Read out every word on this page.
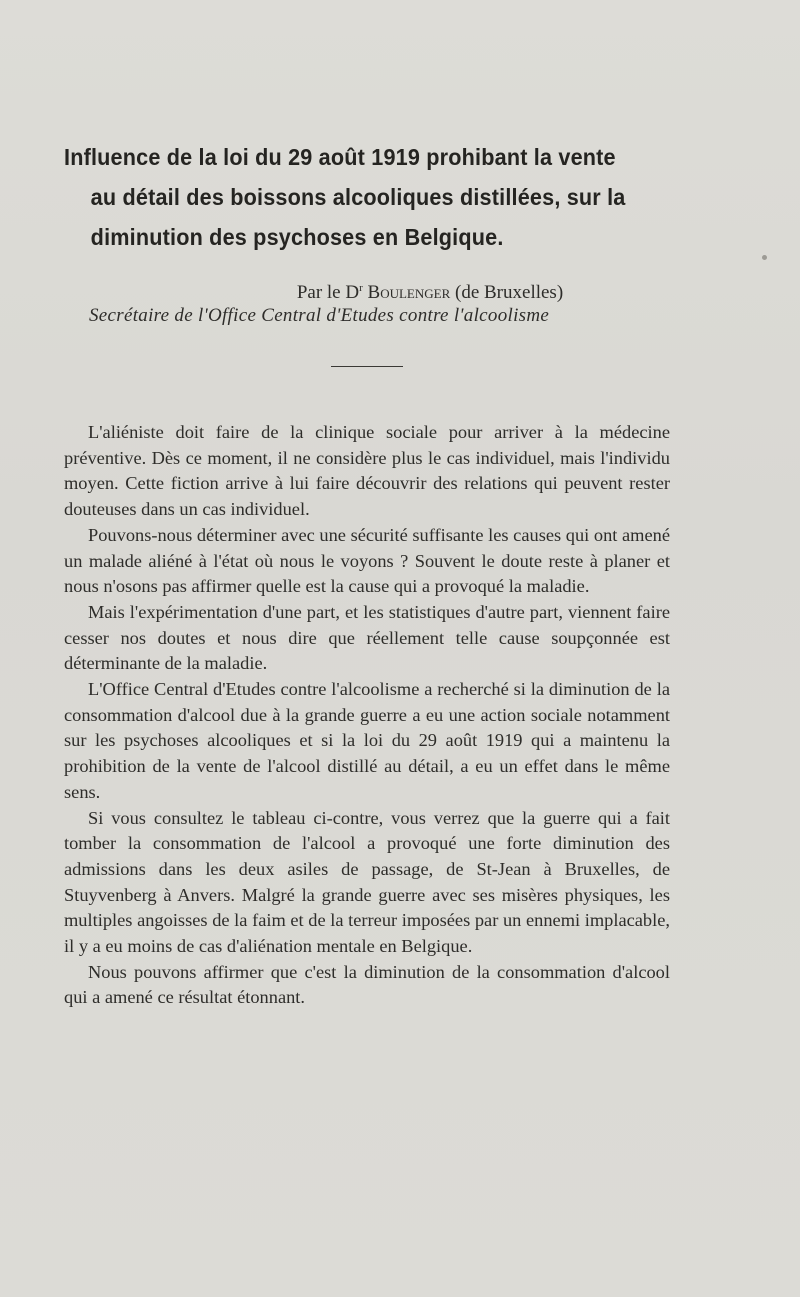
Influence de la loi du 29 août 1919 prohibant la vente
au détail des boissons alcooliques distillées, sur la
diminution des psychoses en Belgique.
Par le $D^r$ Boulenger (de Bruxelles)
Secrétaire de l'Office Central d'Etudes contre l'alcoolisme

L'aliéniste doit faire de la clinique sociale pour arriver à la médecine préventive. Dès ce moment, il ne considère plus le cas individuel, mais l'individu moyen. Cette fiction arrive à lui faire découvrir des relations qui peuvent rester douteuses dans un cas individuel.

Pouvons-nous déterminer avec une sécurité suffisante les causes qui ont amené un malade aliéné à l'état où nous le voyons ? Souvent le doute reste à planer et nous n'osons pas affirmer quelle est la cause qui a provoqué la maladie.

Mais l'expérimentation d'une part, et les statistiques d'autre part, viennent faire cesser nos doutes et nous dire que réellement telle cause soupçonnée est déterminante de la maladie.

L'Office Central d'Etudes contre l'alcoolisme a recherché si la diminution de la consommation d'alcool due à la grande guerre a eu une action sociale notamment sur les psychoses alcooliques et si la loi du 29 août 1919 qui a maintenu la prohibition de la vente de l'alcool distillé au détail, a eu un effet dans le même sens.

Si vous consultez le tableau ci-contre, vous verrez que la guerre qui a fait tomber la consommation de l'alcool a provoqué une forte diminution des admissions dans les deux asiles de passage, de St-Jean à Bruxelles, de Stuyvenberg à Anvers. Malgré la grande guerre avec ses misères physiques, les multiples angoisses de la faim et de la terreur imposées par un ennemi implacable, il y a eu moins de cas d'aliénation mentale en Belgique.

Nous pouvons affirmer que c'est la diminution de la consommation d'alcool qui a amené ce résultat étonnant.
